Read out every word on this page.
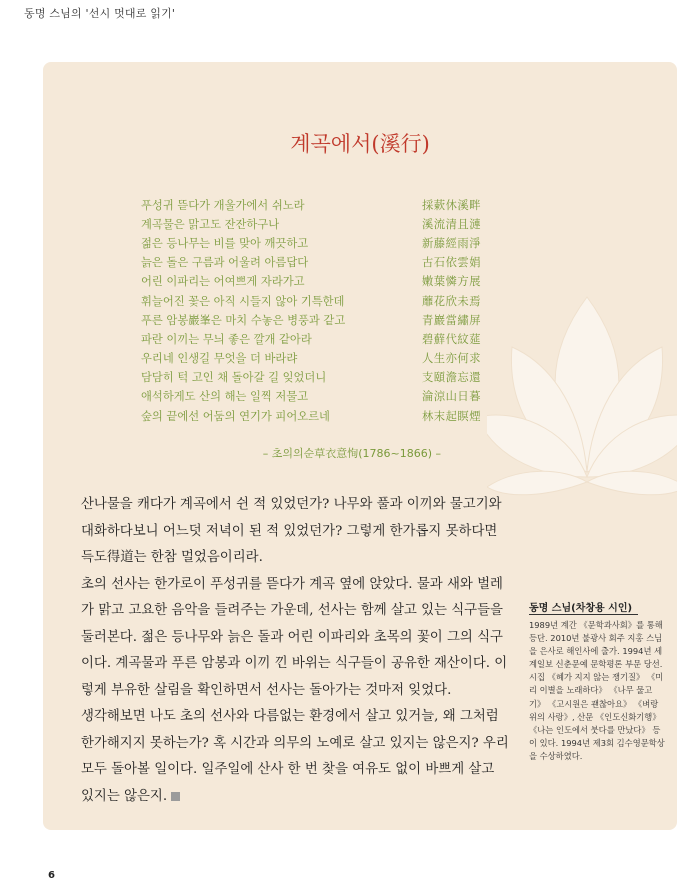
동명 스님의 '선시 멋대로 읽기'
계곡에서(溪行)
푸성귀 뜯다가 개울가에서 쉬노라	採蔌休溪畔
계곡물은 맑고도 잔잔하구나	溪流清且漣
젊은 등나무는 비를 맞아 깨끗하고	新藤經雨淨
늙은 돌은 구름과 어울려 아름답다	古石依雲娟
어린 이파리는 어여쁘게 자라가고	嫩葉憐方展
휘늘어진 꽃은 아직 시들지 않아 기특한데	蘼花欣未焉
푸른 암봉巖峯은 마치 수놓은 병풍과 같고	青巖當繡屏
파란 이끼는 무늬 좋은 깔개 같아라	碧蘚代紋莚
우리네 인생길 무엇을 더 바라랴	人生亦何求
담담히 턱 고인 채 돌아갈 길 잊었더니	支頤澹忘還
애석하게도 산의 해는 일찍 저물고	淪涼山日暮
숲의 끝에선 어둠의 연기가 피어오르네	林末起瞑煙
– 초의의순草衣意恂(1786~1866) –

산나물을 캐다가 계곡에서 쉰 적 있었던가? 나무와 풀과 이끼와 물고기와 대화하다보니 어느덧 저녁이 된 적 있었던가? 그렇게 한가롭지 못하다면 득도得道는 한참 멀었음이리라.

초의 선사는 한가로이 푸성귀를 뜯다가 계곡 옆에 앉았다. 물과 새와 벌레가 맑고 고요한 음악을 들려주는 가운데, 선사는 함께 살고 있는 식구들을 둘러본다. 젊은 등나무와 늙은 돌과 어린 이파리와 초목의 꽃이 그의 식구이다. 계곡물과 푸른 암봉과 이끼 낀 바위는 식구들이 공유한 재산이다. 이렇게 부유한 살림을 확인하면서 선사는 돌아가는 것마저 잊었다.

생각해보면 나도 초의 선사와 다름없는 환경에서 살고 있거늘, 왜 그처럼 한가해지지 못하는가? 혹 시간과 의무의 노예로 살고 있지는 않은지? 우리 모두 돌아볼 일이다. 일주일에 산사 한 번 찾을 여유도 없이 바쁘게 살고 있지는 않은지.

동명 스님(차창용 시인)
1989년 계간 《문학과사회》를 통해 등단. 2010년 불광사 회주 지홍 스님을 은사로 해인사에 출가. 1994년 세계일보 신춘문예 문학평론 부문 당선. 시집 《혜가 지지 않는 쟁기질》 《미리 이별을 노래하다》 《나무 물고기》 《고시원은 괜찮아요》 《벼랑 위의 사랑》, 산문 《인도신화기행》 《나는 인도에서 붓다를 만났다》 등이 있다. 1994년 제3회 김수영문학상을 수상하였다.
6
